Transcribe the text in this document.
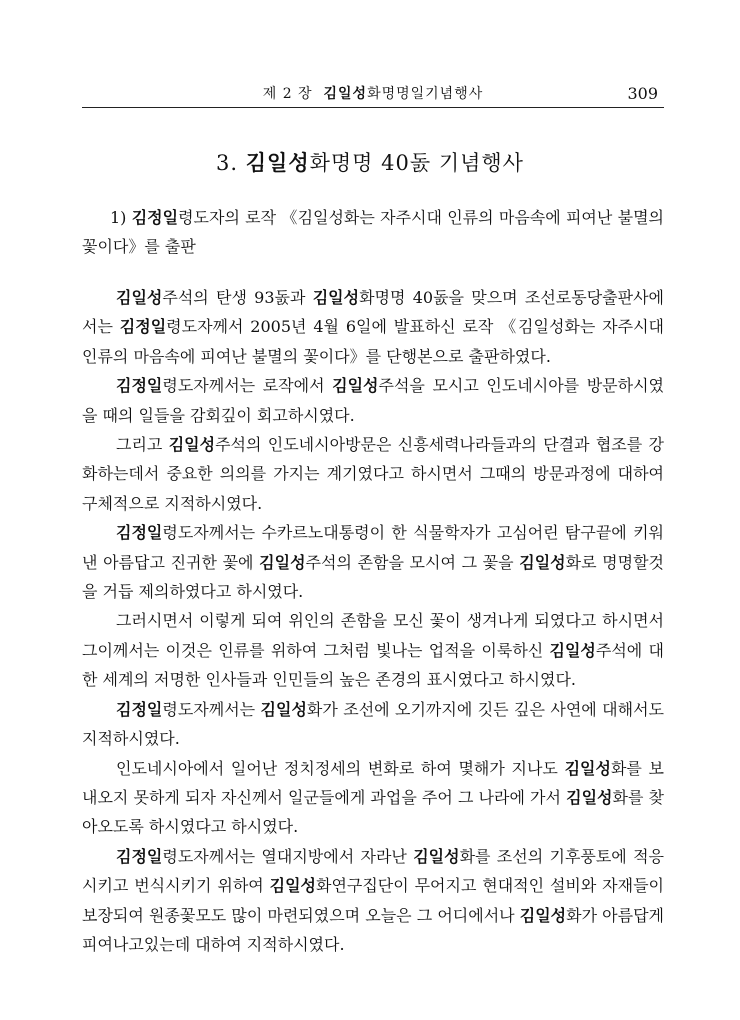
제 2 장 김일성화명명일기념행사	309
3. 김일성화명명 40돐 기념행사
1) 김정일령도자의 로작 《김일성화는 자주시대 인류의 마음속에 피여난 불멸의 꽃이다》를 출판

김일성주석의 탄생 93돐과 김일성화명명 40돐을 맞으며 조선로동당출판사에서는 김정일령도자께서 2005년 4월 6일에 발표하신 로작 《김일성화는 자주시대 인류의 마음속에 피여난 불멸의 꽃이다》를 단행본으로 출판하였다.

김정일령도자께서는 로작에서 김일성주석을 모시고 인도네시아를 방문하시였을 때의 일들을 감회깊이 회고하시였다.

그리고 김일성주석의 인도네시아방문은 신흥세력나라들과의 단결과 협조를 강화하는데서 중요한 의의를 가지는 계기였다고 하시면서 그때의 방문과정에 대하여 구체적으로 지적하시였다.

김정일령도자께서는 수카르노대통령이 한 식물학자가 고심어린 탐구끝에 키워낸 아름답고 진귀한 꽃에 김일성주석의 존함을 모시여 그 꽃을 김일성화로 명명할것을 거듭 제의하였다고 하시였다.

그러시면서 이렇게 되여 위인의 존함을 모신 꽃이 생겨나게 되였다고 하시면서 그이께서는 이것은 인류를 위하여 그처럼 빛나는 업적을 이룩하신 김일성주석에 대한 세계의 저명한 인사들과 인민들의 높은 존경의 표시였다고 하시였다.

김정일령도자께서는 김일성화가 조선에 오기까지에 깃든 깊은 사연에 대해서도 지적하시였다.

인도네시아에서 일어난 정치정세의 변화로 하여 몇해가 지나도 김일성화를 보내오지 못하게 되자 자신께서 일군들에게 과업을 주어 그 나라에 가서 김일성화를 찾아오도록 하시였다고 하시였다.

김정일령도자께서는 열대지방에서 자라난 김일성화를 조선의 기후풍토에 적응시키고 번식시키기 위하여 김일성화연구집단이 무어지고 현대적인 설비와 자재들이 보장되여 원종꽃모도 많이 마련되였으며 오늘은 그 어디에서나 김일성화가 아름답게 피여나고있는데 대하여 지적하시였다.
